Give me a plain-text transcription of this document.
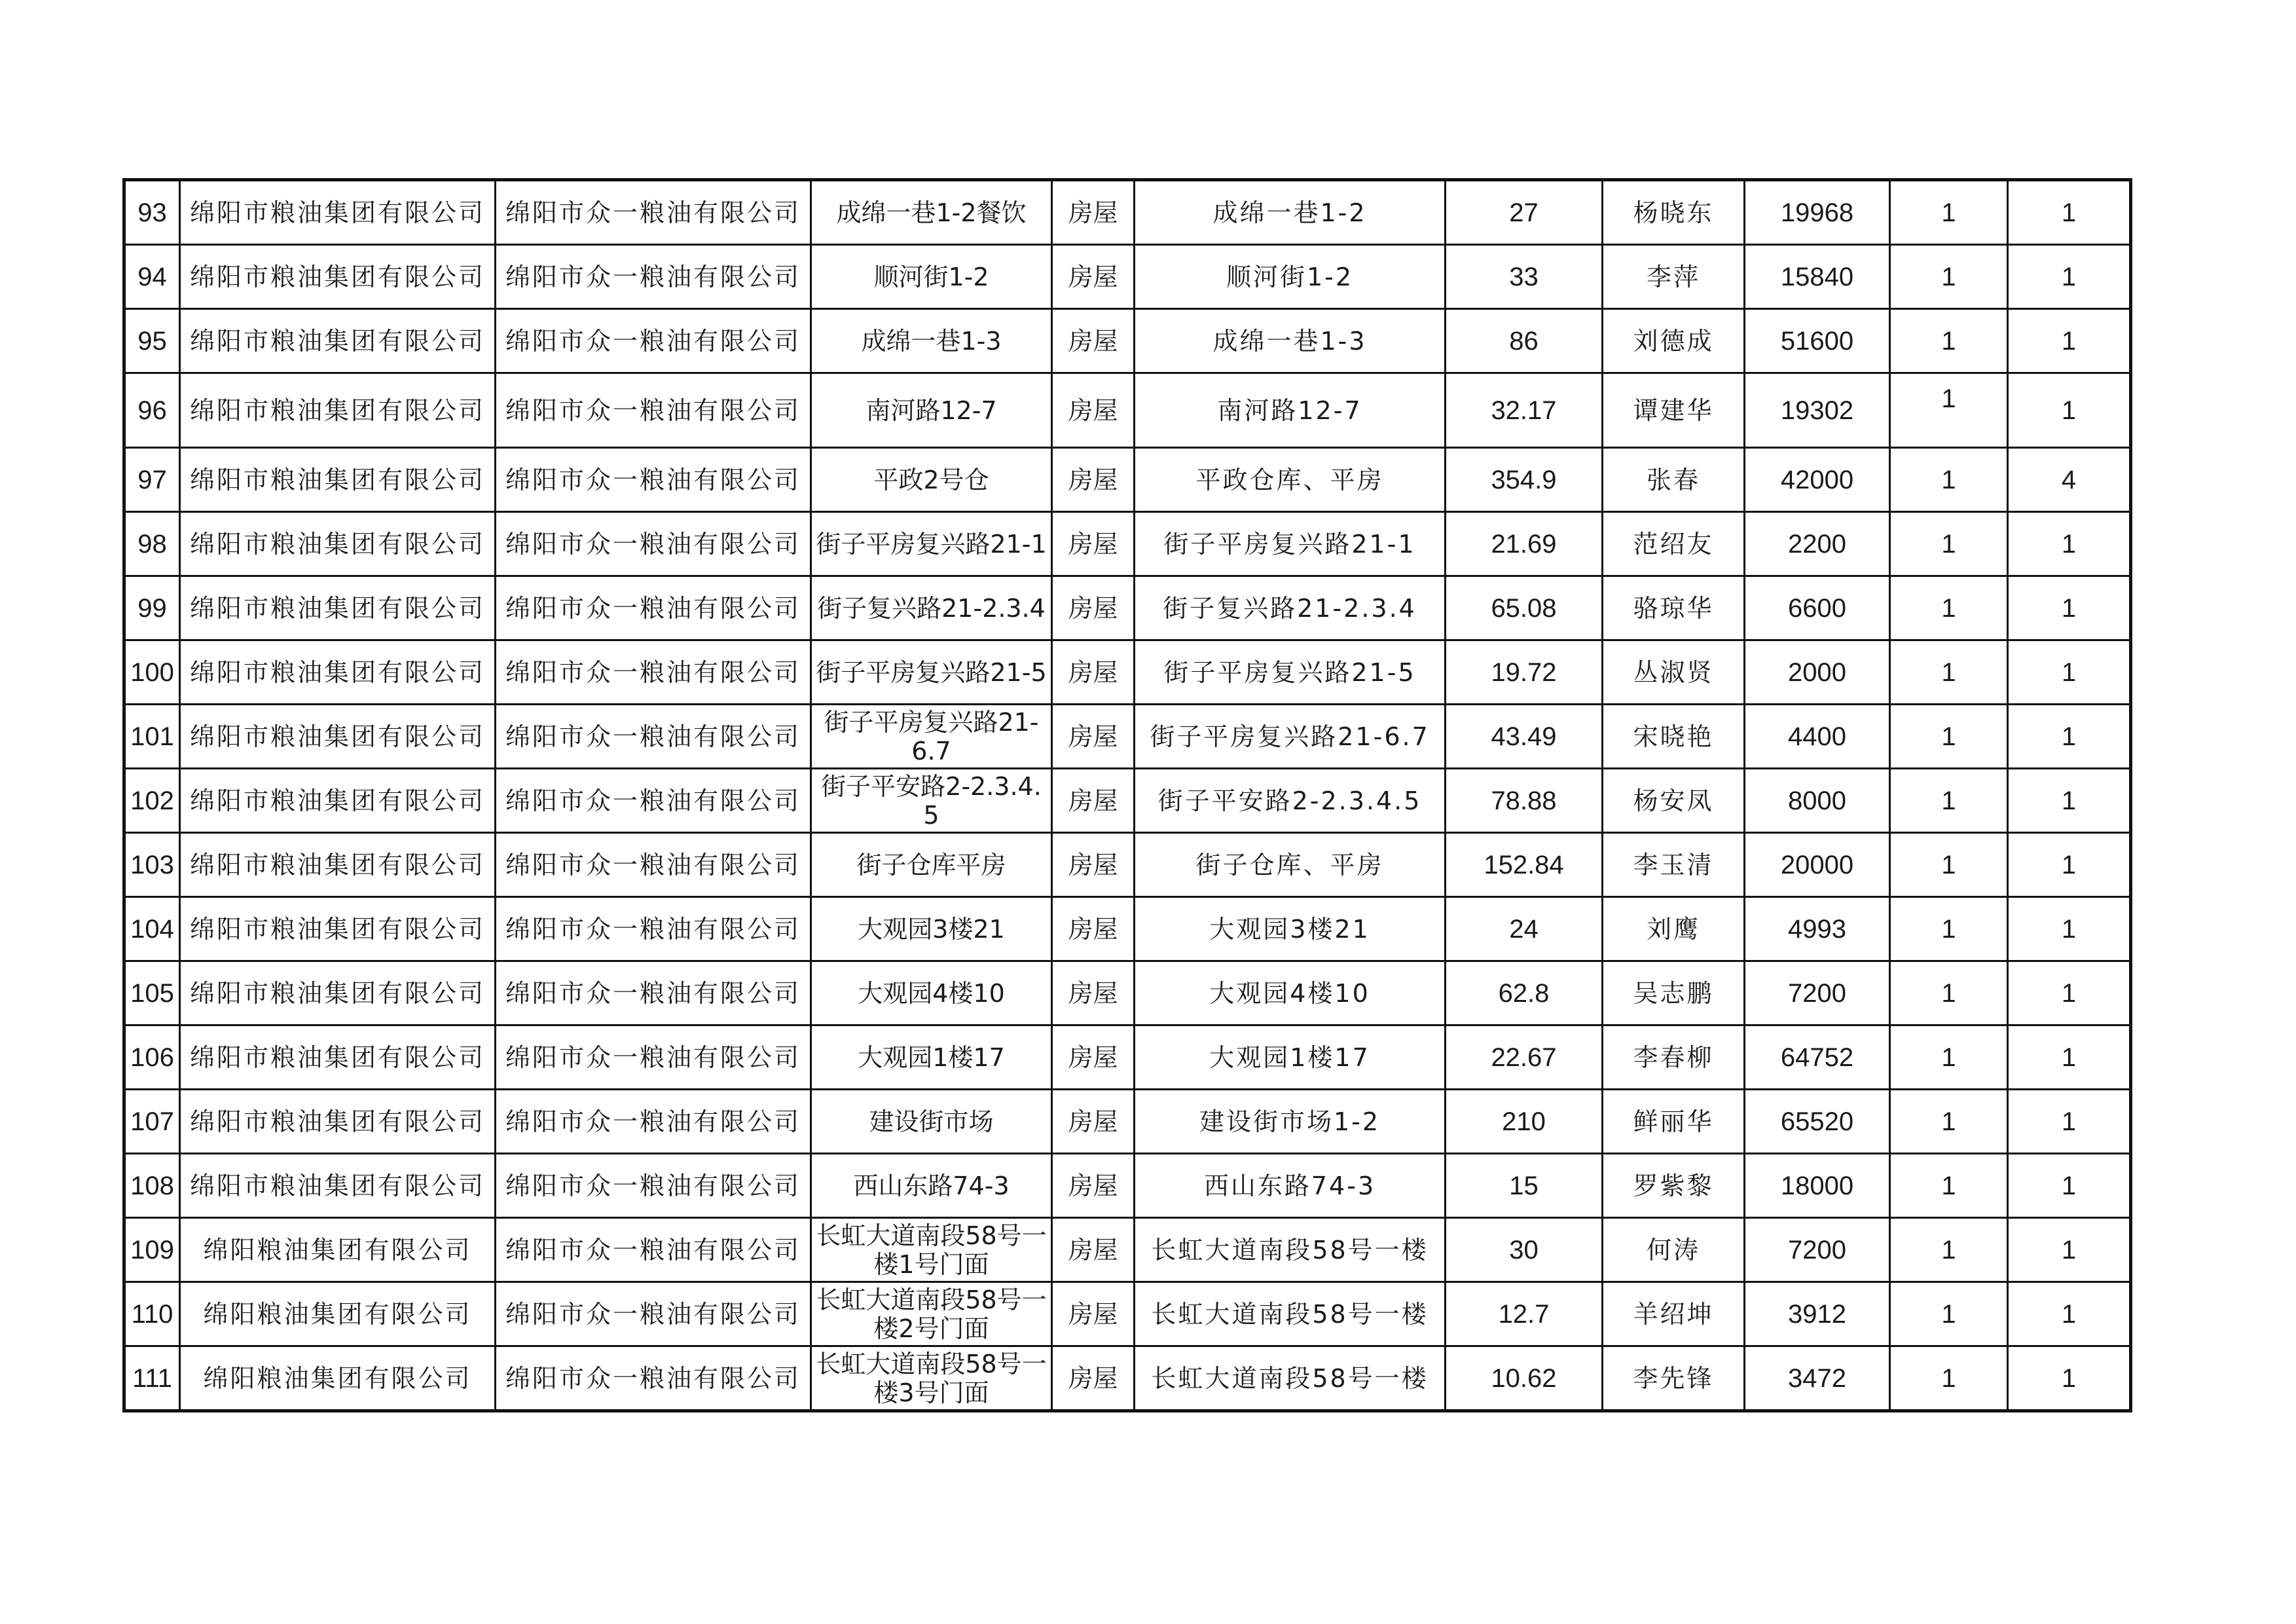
93	绵阳市粮油集团有限公司	绵阳市众一粮油有限公司	成绵一巷1-2餐饮	房屋	成绵一巷1-2	27	杨晓东	19968	1	1
94	绵阳市粮油集团有限公司	绵阳市众一粮油有限公司	顺河街1-2	房屋	顺河街1-2	33	李萍	15840	1	1
95	绵阳市粮油集团有限公司	绵阳市众一粮油有限公司	成绵一巷1-3	房屋	成绵一巷1-3	86	刘德成	51600	1	1
96	绵阳市粮油集团有限公司	绵阳市众一粮油有限公司	南河路12-7	房屋	南河路12-7	32.17	谭建华	19302	1	1
97	绵阳市粮油集团有限公司	绵阳市众一粮油有限公司	平政2号仓	房屋	平政仓库、平房	354.9	张春	42000	1	4
98	绵阳市粮油集团有限公司	绵阳市众一粮油有限公司	街子平房复兴路21-1	房屋	街子平房复兴路21-1	21.69	范绍友	2200	1	1
99	绵阳市粮油集团有限公司	绵阳市众一粮油有限公司	街子复兴路21-2.3.4	房屋	街子复兴路21-2.3.4	65.08	骆琼华	6600	1	1
100	绵阳市粮油集团有限公司	绵阳市众一粮油有限公司	街子平房复兴路21-5	房屋	街子平房复兴路21-5	19.72	丛淑贤	2000	1	1
101	绵阳市粮油集团有限公司	绵阳市众一粮油有限公司	街子平房复兴路21-6.7	房屋	街子平房复兴路21-6.7	43.49	宋晓艳	4400	1	1
102	绵阳市粮油集团有限公司	绵阳市众一粮油有限公司	街子平安路2-2.3.4.5	房屋	街子平安路2-2.3.4.5	78.88	杨安凤	8000	1	1
103	绵阳市粮油集团有限公司	绵阳市众一粮油有限公司	街子仓库平房	房屋	街子仓库、平房	152.84	李玉清	20000	1	1
104	绵阳市粮油集团有限公司	绵阳市众一粮油有限公司	大观园3楼21	房屋	大观园3楼21	24	刘鹰	4993	1	1
105	绵阳市粮油集团有限公司	绵阳市众一粮油有限公司	大观园4楼10	房屋	大观园4楼10	62.8	吴志鹏	7200	1	1
106	绵阳市粮油集团有限公司	绵阳市众一粮油有限公司	大观园1楼17	房屋	大观园1楼17	22.67	李春柳	64752	1	1
107	绵阳市粮油集团有限公司	绵阳市众一粮油有限公司	建设街市场	房屋	建设街市场1-2	210	鲜丽华	65520	1	1
108	绵阳市粮油集团有限公司	绵阳市众一粮油有限公司	西山东路74-3	房屋	西山东路74-3	15	罗紫黎	18000	1	1
109	绵阳粮油集团有限公司	绵阳市众一粮油有限公司	长虹大道南段58号一楼1号门面	房屋	长虹大道南段58号一楼	30	何涛	7200	1	1
110	绵阳粮油集团有限公司	绵阳市众一粮油有限公司	长虹大道南段58号一楼2号门面	房屋	长虹大道南段58号一楼	12.7	羊绍坤	3912	1	1
111	绵阳粮油集团有限公司	绵阳市众一粮油有限公司	长虹大道南段58号一楼3号门面	房屋	长虹大道南段58号一楼	10.62	李先锋	3472	1	1
